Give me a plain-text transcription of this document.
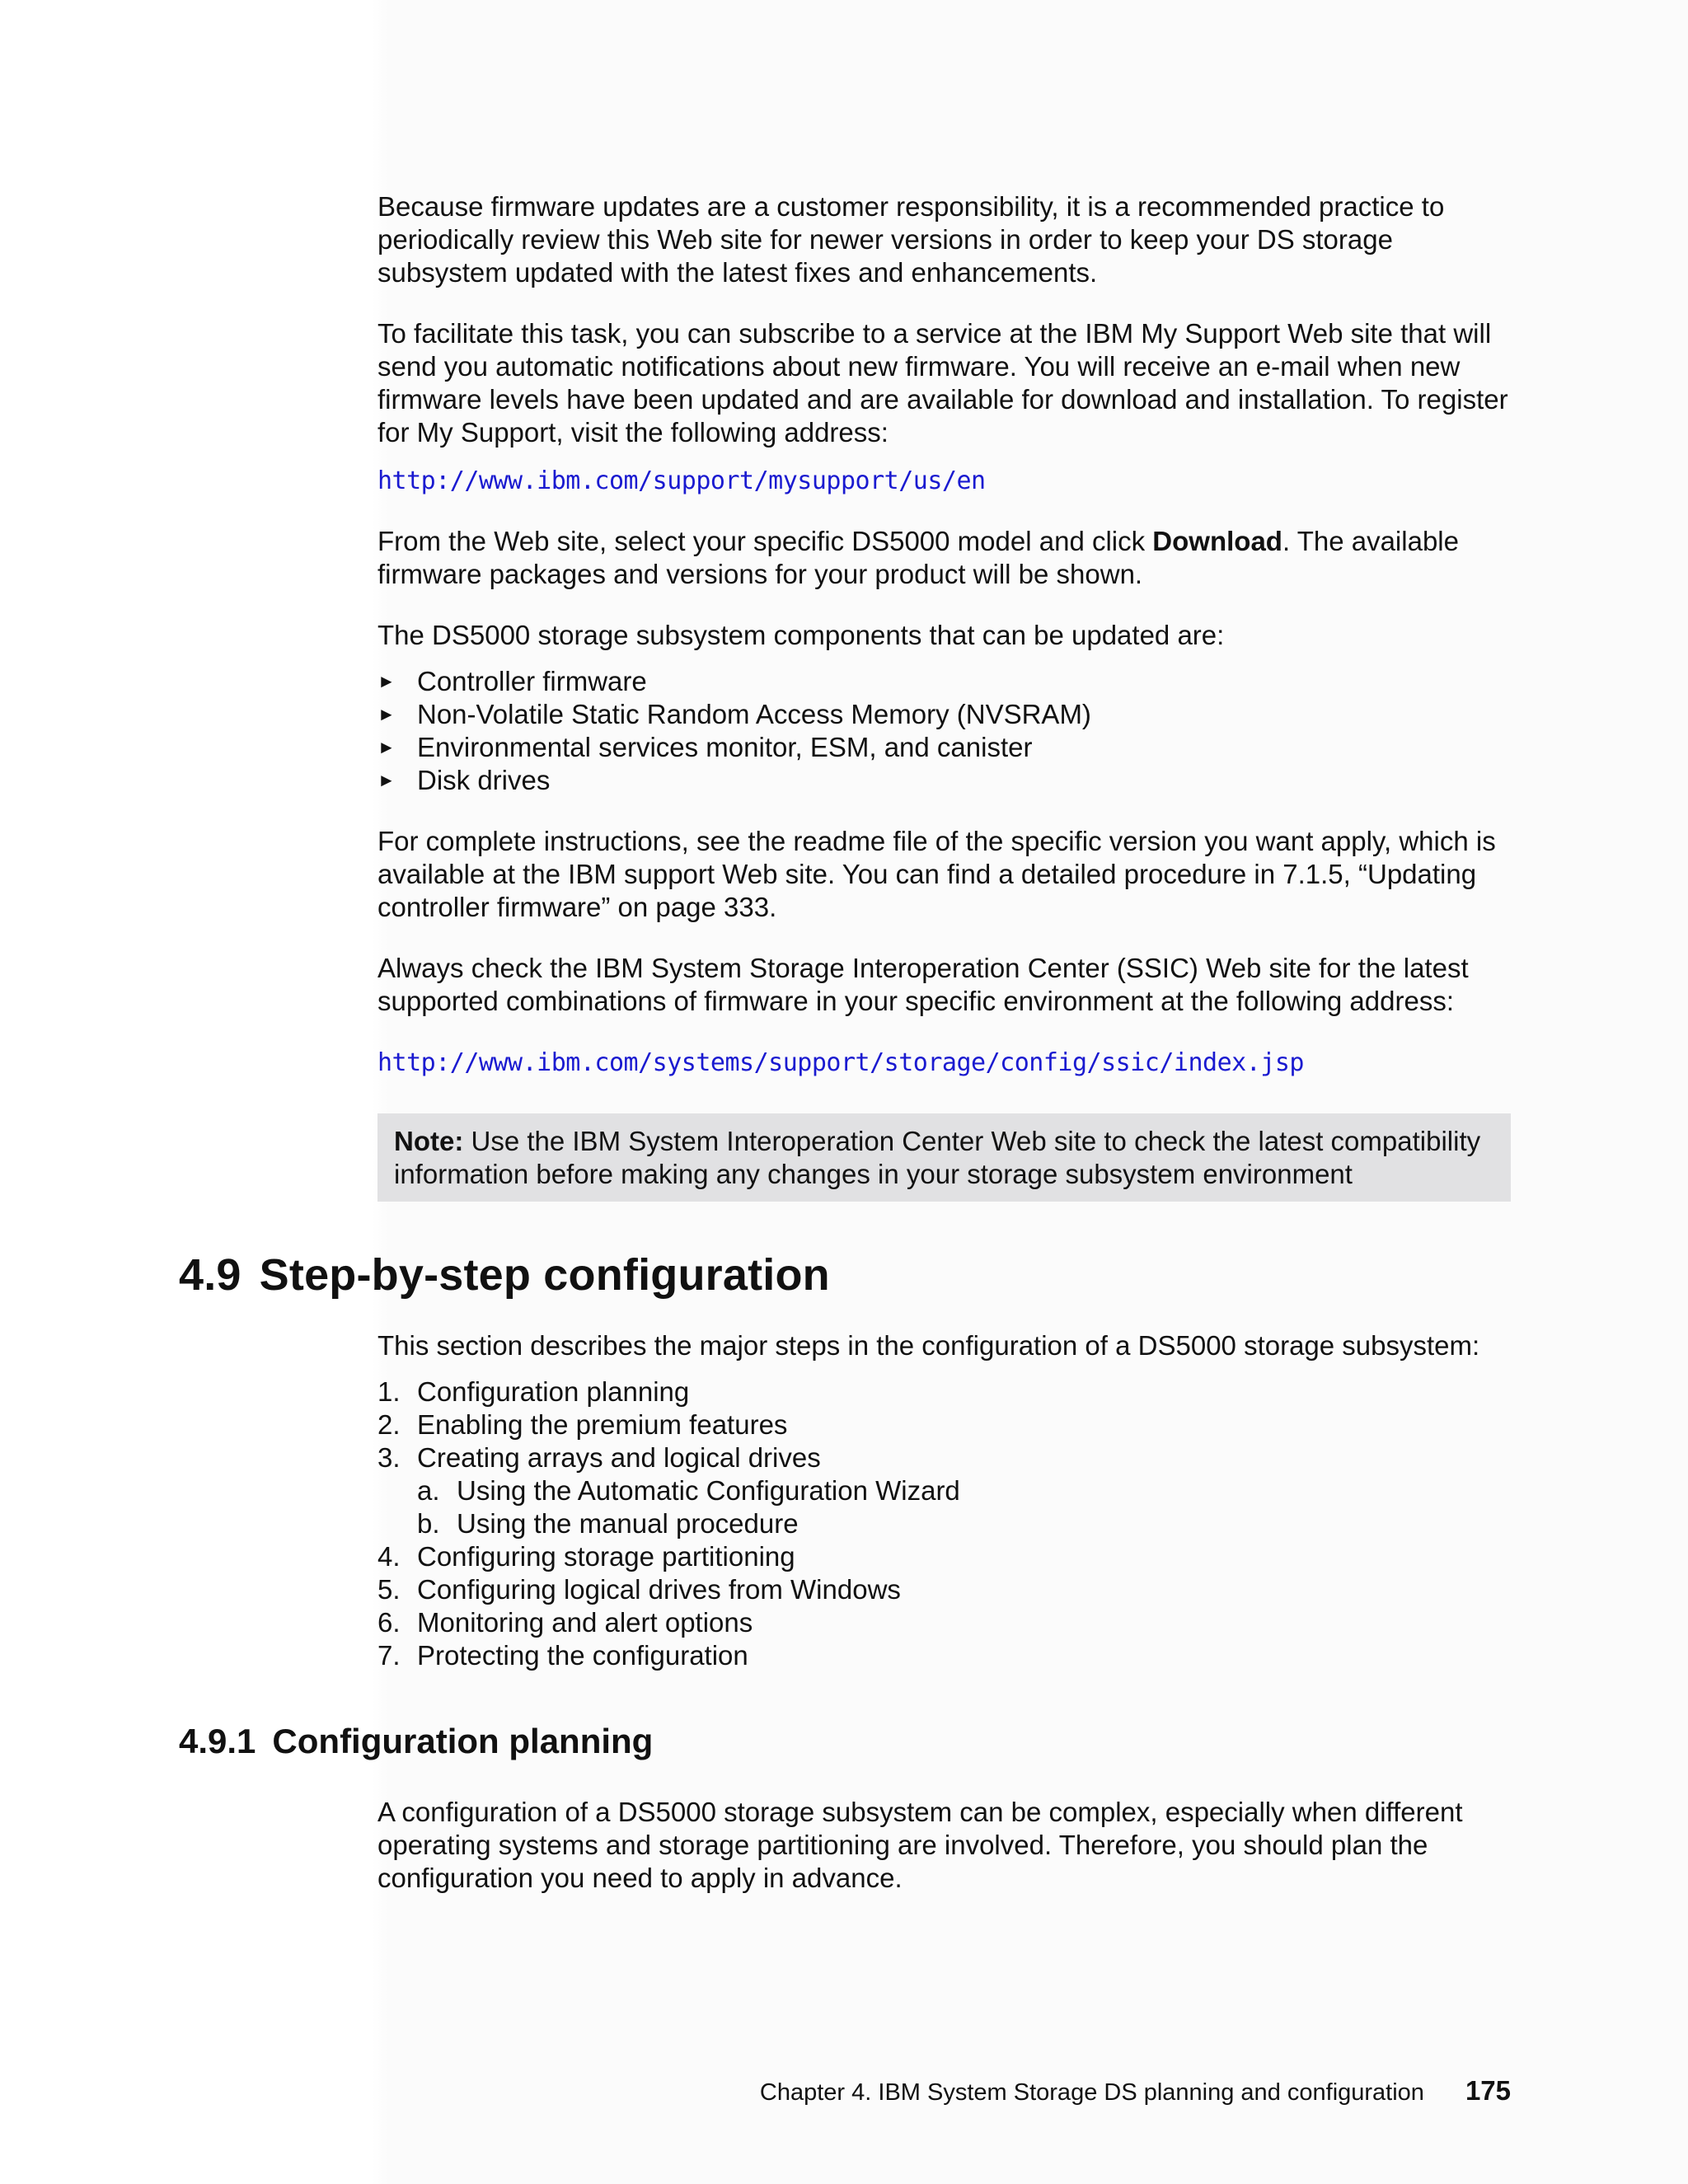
Because firmware updates are a customer responsibility, it is a recommended practice to periodically review this Web site for newer versions in order to keep your DS storage subsystem updated with the latest fixes and enhancements.

To facilitate this task, you can subscribe to a service at the IBM My Support Web site that will send you automatic notifications about new firmware. You will receive an e-mail when new firmware levels have been updated and are available for download and installation. To register for My Support, visit the following address:

http://www.ibm.com/support/mysupport/us/en

From the Web site, select your specific DS5000 model and click Download. The available firmware packages and versions for your product will be shown.

The DS5000 storage subsystem components that can be updated are:

► Controller firmware
► Non-Volatile Static Random Access Memory (NVSRAM)
► Environmental services monitor, ESM, and canister
► Disk drives

For complete instructions, see the readme file of the specific version you want apply, which is available at the IBM support Web site. You can find a detailed procedure in 7.1.5, “Updating controller firmware” on page 333.

Always check the IBM System Storage Interoperation Center (SSIC) Web site for the latest supported combinations of firmware in your specific environment at the following address:

http://www.ibm.com/systems/support/storage/config/ssic/index.jsp

Note: Use the IBM System Interoperation Center Web site to check the latest compatibility information before making any changes in your storage subsystem environment

4.9 Step-by-step configuration

This section describes the major steps in the configuration of a DS5000 storage subsystem:

1. Configuration planning
2. Enabling the premium features
3. Creating arrays and logical drives
a. Using the Automatic Configuration Wizard
b. Using the manual procedure
4. Configuring storage partitioning
5. Configuring logical drives from Windows
6. Monitoring and alert options
7. Protecting the configuration
4.9.1 Configuration planning

A configuration of a DS5000 storage subsystem can be complex, especially when different operating systems and storage partitioning are involved. Therefore, you should plan the configuration you need to apply in advance.

Chapter 4. IBM System Storage DS planning and configuration 175
